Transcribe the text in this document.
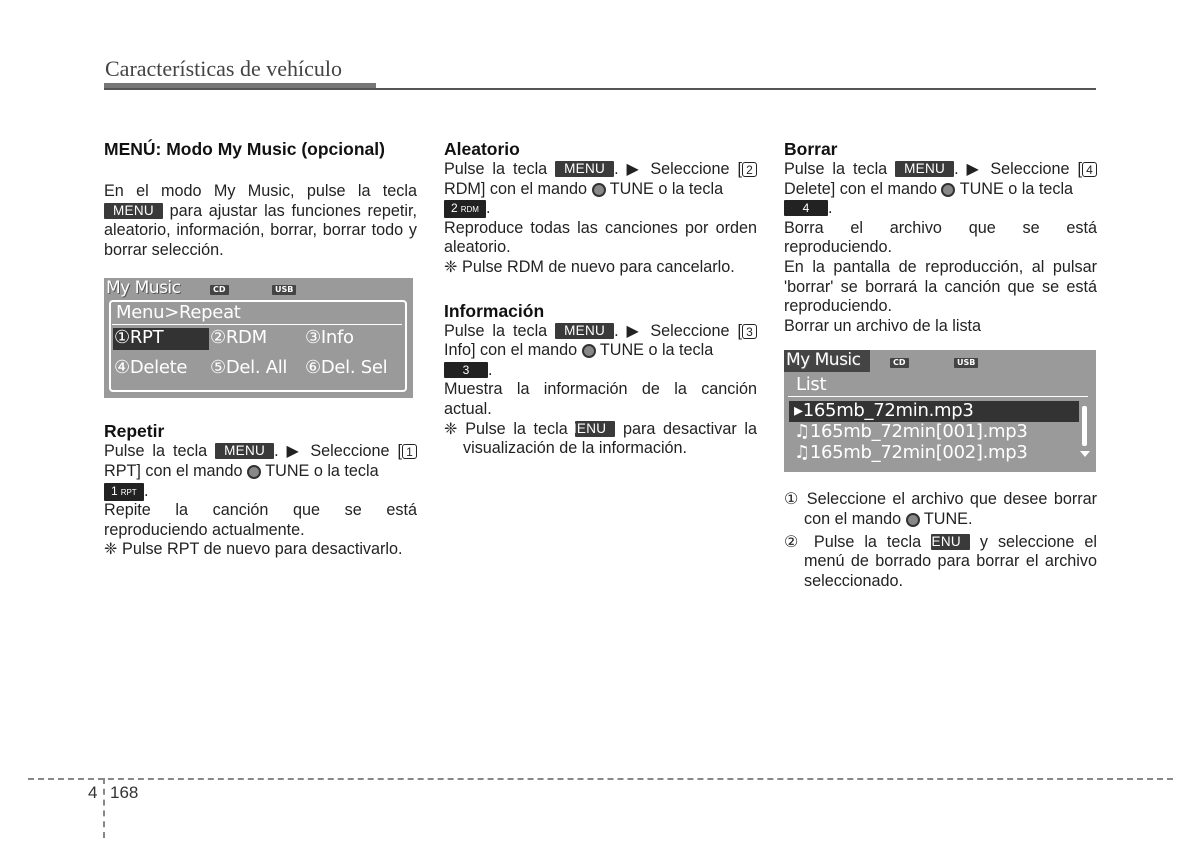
Características de vehículo
MENÚ: Modo My Music (opcional)

En el modo My Music, pulse la tecla MENU para ajustar las funciones repetir, aleatorio, información, borrar, borrar todo y borrar selección.

My Music	CD	USB
Menu>Repeat
①RPT	②RDM ③Info
④Delete ⑤Del. All ⑥Del. Sel
Repetir

Pulse la tecla MENU . ▶ Seleccione [ 1RPT] con el mando  TUNE o la tecla
1 RPT .

Repite la canción que se está reproduciendo actualmente.

❈ Pulse RPT de nuevo para desactivarlo.

Aleatorio

Pulse la tecla MENU . ▶ Seleccione [ 2RDM] con el mando  TUNE o la tecla
2 RDM .

Reproduce todas las canciones por orden aleatorio.

❈ Pulse RDM de nuevo para cancelarlo.

Información

Pulse la tecla MENU . ▶ Seleccione [ 3Info] con el mando  TUNE o la tecla
3 .

Muestra la información de la canción actual.

❈ Pulse la tecla MENU para desactivar la visualización de la información.

Borrar

Pulse la tecla MENU . ▶ Seleccione [ 4Delete] con el mando  TUNE o la tecla
4 .

Borra el archivo que se está reproduciendo.

En la pantalla de reproducción, al pulsar 'borrar' se borrará la canción que se está reproduciendo.

Borrar un archivo de la lista

My Music	CD	USB
List
▸165mb_72min.mp3
♫165mb_72min[001].mp3
♫165mb_72min[002].mp3

① Seleccione el archivo que desee borrar con el mando  TUNE.

② Pulse la tecla MENU y seleccione el menú de borrado para borrar el archivo seleccionado.

4 168
